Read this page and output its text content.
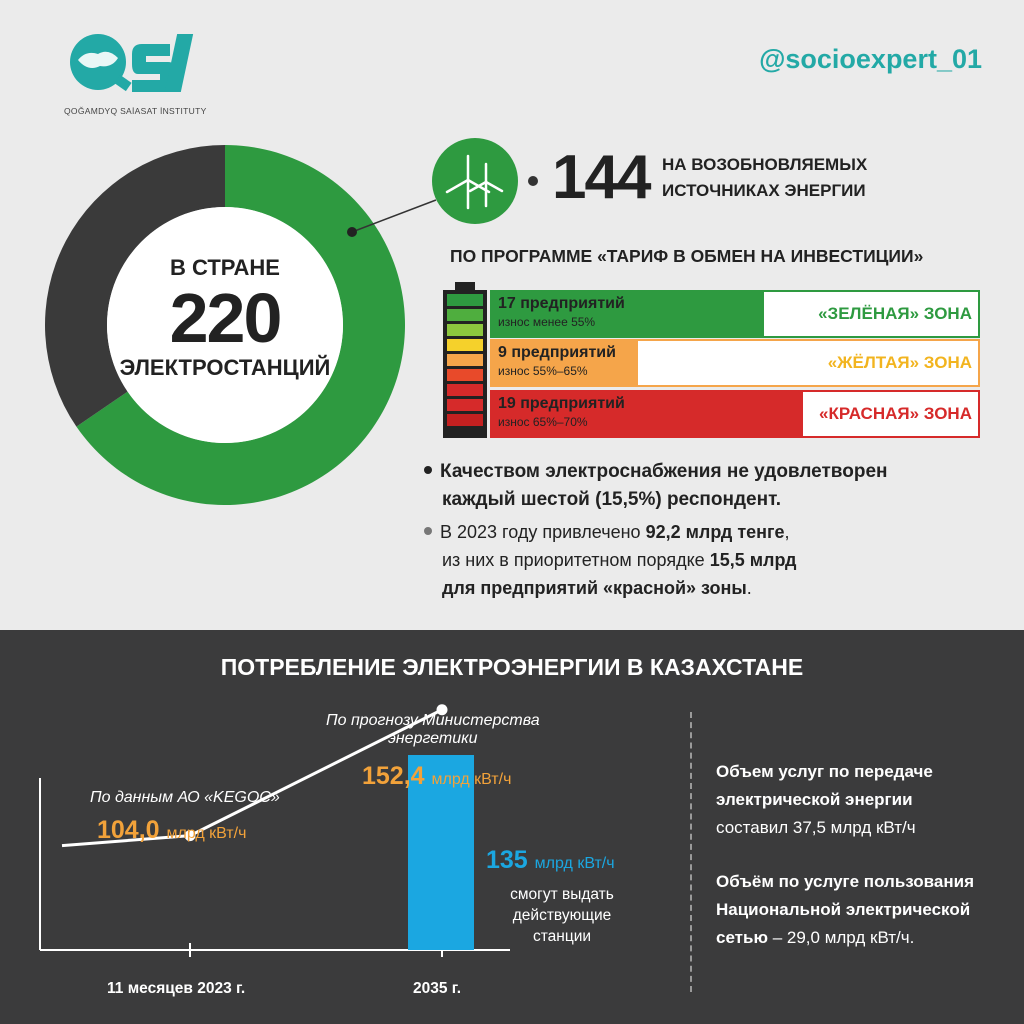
QOĞAMDYQ SAİASAT İNSTITUTY
@socioexpert_01
В СТРАНЕ
220
ЭЛЕКТРОСТАНЦИЙ
144 НА ВОЗОБНОВЛЯЕМЫХ
ИСТОЧНИКАХ ЭНЕРГИИ
ПО ПРОГРАММЕ «ТАРИФ В ОБМЕН НА ИНВЕСТИЦИИ»
17 предприятий
износ менее 55%	«ЗЕЛЁНАЯ» ЗОНА
9 предприятий
износ 55%–65%	«ЖЁЛТАЯ» ЗОНА
19 предприятий
износ 65%–70%	«КРАСНАЯ» ЗОНА
Качеством электроснабжения не удовлетворен
каждый шестой (15,5%) респондент.
В 2023 году привлечено 92,2 млрд тенге,
из них в приоритетном порядке 15,5 млрд
для предприятий «красной» зоны.
ПОТРЕБЛЕНИЕ ЭЛЕКТРОЭНЕРГИИ В КАЗАХСТАНЕ
По прогнозу Министерства
энергетики
152,4 млрд кВт/ч
По данным АО «KEGOC»
104,0 млрд кВт/ч
135 млрд кВт/ч
смогут выдать
действующие
станции
11 месяцев 2023 г.	2035 г.
Объем услуг по передаче
электрической энергии
составил 37,5 млрд кВт/ч
Объём по услуге пользования
Национальной электрической
сетью – 29,0 млрд кВт/ч.
